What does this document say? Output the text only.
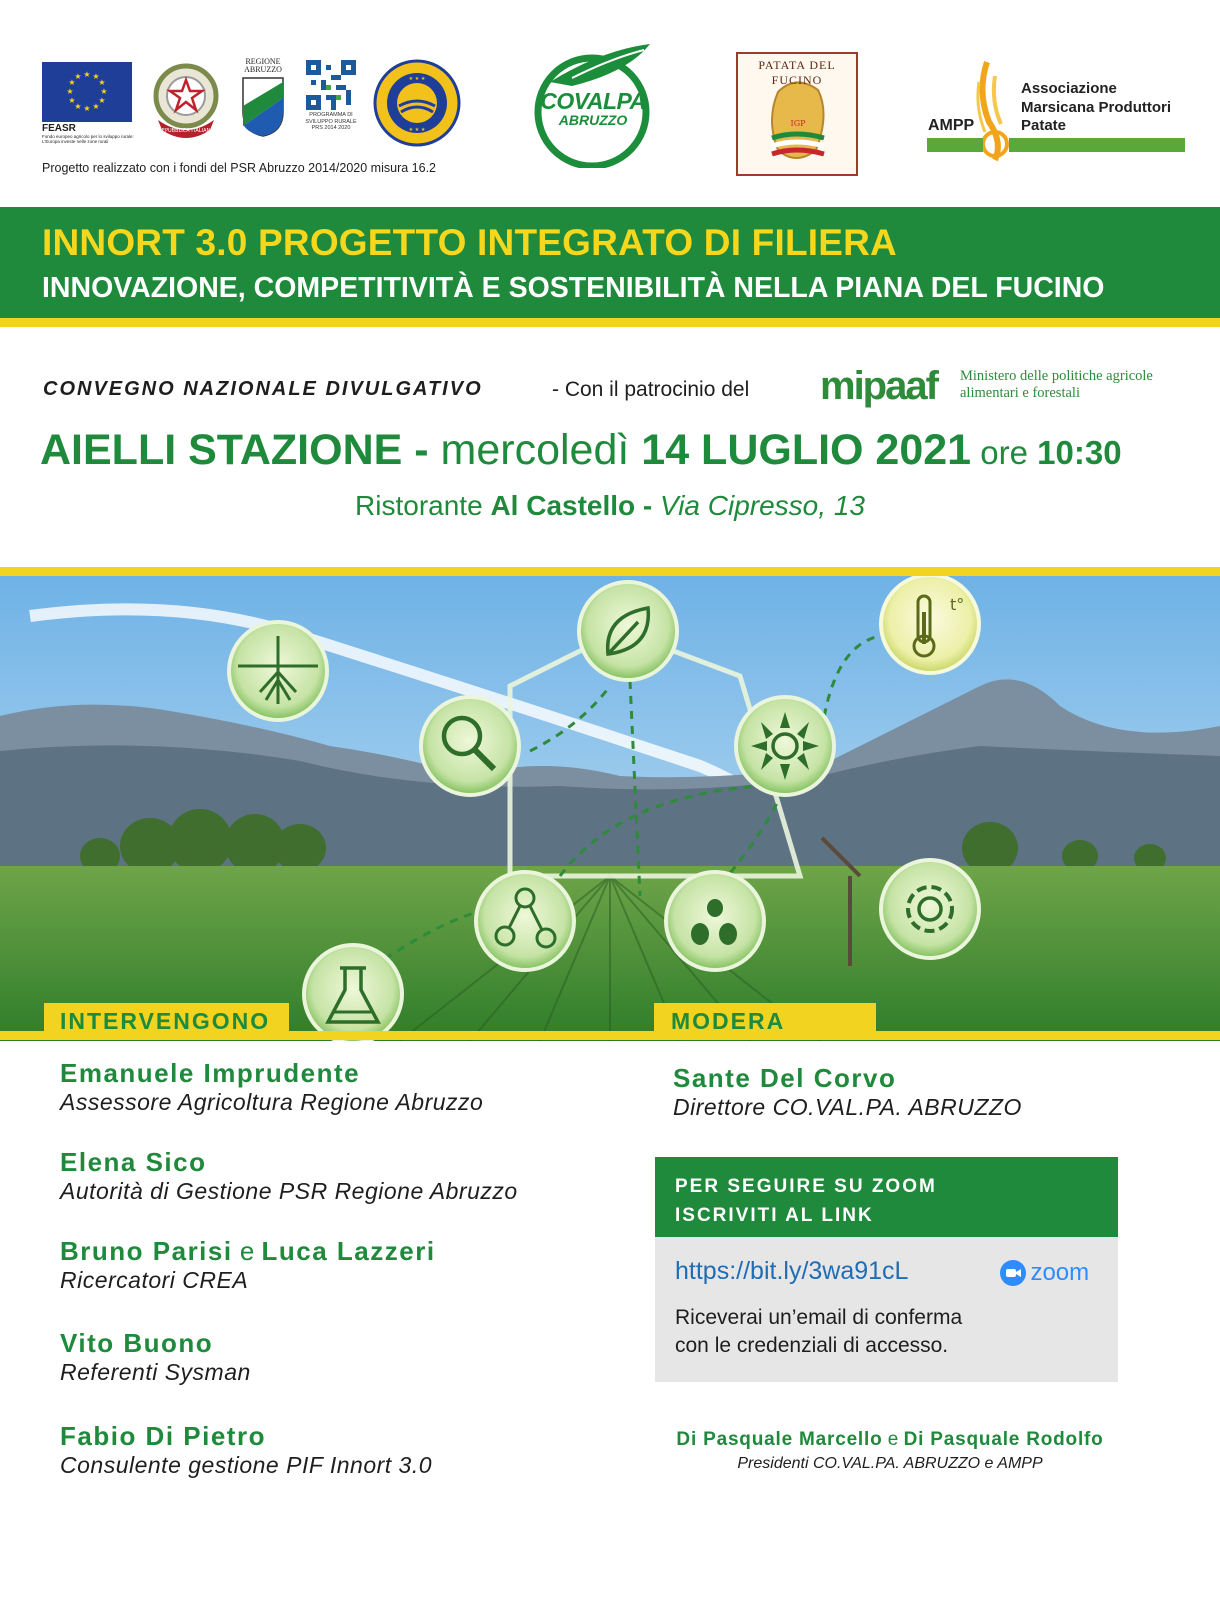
★ ★
★
★
★
★
★
★
★
★
★
★
FEASR
Fondo europeo agricolo per lo sviluppo rurale: L'Europa investe nelle zone rurali
REPUBBLICA ITALIANA
REGIONE ABRUZZO
PROGRAMMA DI SVILUPPO RURALE PRS 2014 2020
★ ★ ★
★ ★ ★
Progetto realizzato con i fondi del PSR Abruzzo 2014/2020 misura 16.2
COVALPA
ABRUZZO	IGP
PATATA DEL FUCINO
AMPP
Associazione Marsicana Produttori Patate
INNORT 3.0 PROGETTO INTEGRATO DI FILIERA
INNOVAZIONE, COMPETITIVITÀ E SOSTENIBILITÀ NELLA PIANA DEL FUCINO
CONVEGNO NAZIONALE DIVULGATIVO	- Con il patrocinio del mipaaf Ministero delle politiche agricole alimentari e forestali
AIELLI STAZIONE - mercoledì 14 LUGLIO 2021 ore 10:30
Ristorante Al Castello - Via Cipresso, 13
t°
INTERVENGONO	MODERA
Emanuele Imprudente
Assessore Agricoltura Regione Abruzzo
Elena Sico
Autorità di Gestione PSR Regione Abruzzo
Bruno Parisi e Luca Lazzeri
Ricercatori CREA
Vito Buono
Referenti Sysman
Fabio Di Pietro
Consulente gestione PIF Innort 3.0
Sante Del Corvo
Direttore CO.VAL.PA. ABRUZZO
PER SEGUIRE SU ZOOM
ISCRIVITI AL LINK
https://bit.ly/3wa91cL	zoom
Riceverai un’email di conferma
con le credenziali di accesso.
Di Pasquale Marcello e Di Pasquale Rodolfo
Presidenti CO.VAL.PA. ABRUZZO e AMPP
